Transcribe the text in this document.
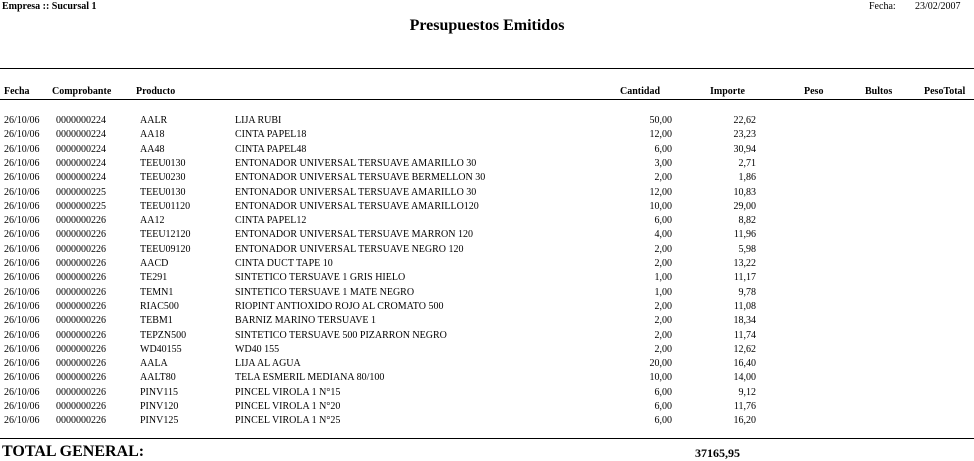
Empresa :: Sucursal 1	Fecha: 23/02/2007
Presupuestos Emitidos
Fecha Comprobante Producto	Cantidad	Importe	Peso	Bultos	PesoTotal
26/10/06 0000000224	AALR	LIJA RUBI	50,00	22,62
26/10/06 0000000224	AA18	CINTA PAPEL18	12,00	23,23
26/10/06 0000000224	AA48	CINTA PAPEL48	6,00	30,94
26/10/06 0000000224	TEEU0130	ENTONADOR UNIVERSAL TERSUAVE AMARILLO 30	3,00	2,71
26/10/06 0000000224	TEEU0230	ENTONADOR UNIVERSAL TERSUAVE BERMELLON 30	2,00	1,86
26/10/06 0000000225	TEEU0130	ENTONADOR UNIVERSAL TERSUAVE AMARILLO 30	12,00	10,83
26/10/06 0000000225	TEEU01120	ENTONADOR UNIVERSAL TERSUAVE AMARILLO120	10,00	29,00
26/10/06 0000000226	AA12	CINTA PAPEL12	6,00	8,82
26/10/06 0000000226	TEEU12120	ENTONADOR UNIVERSAL TERSUAVE MARRON 120	4,00	11,96
26/10/06 0000000226	TEEU09120	ENTONADOR UNIVERSAL TERSUAVE NEGRO 120	2,00	5,98
26/10/06 0000000226	AACD	CINTA DUCT TAPE 10	2,00	13,22
26/10/06 0000000226	TE291	SINTETICO TERSUAVE 1 GRIS HIELO	1,00	11,17
26/10/06 0000000226	TEMN1	SINTETICO TERSUAVE 1 MATE NEGRO	1,00	9,78
26/10/06 0000000226	RIAC500	RIOPINT ANTIOXIDO ROJO AL CROMATO 500	2,00	11,08
26/10/06 0000000226	TEBM1	BARNIZ MARINO TERSUAVE 1	2,00	18,34
26/10/06 0000000226	TEPZN500	SINTETICO TERSUAVE 500 PIZARRON NEGRO	2,00	11,74
26/10/06 0000000226	WD40155	WD40 155	2,00	12,62
26/10/06 0000000226	AALA	LIJA AL AGUA	20,00	16,40
26/10/06 0000000226	AALT80	TELA ESMERIL MEDIANA 80/100	10,00	14,00
26/10/06 0000000226	PINV115	PINCEL VIROLA 1 N°15	6,00	9,12
26/10/06 0000000226	PINV120	PINCEL VIROLA 1 N°20	6,00	11,76
26/10/06 0000000226	PINV125	PINCEL VIROLA 1 N°25	6,00	16,20
TOTAL GENERAL:	37165,95
